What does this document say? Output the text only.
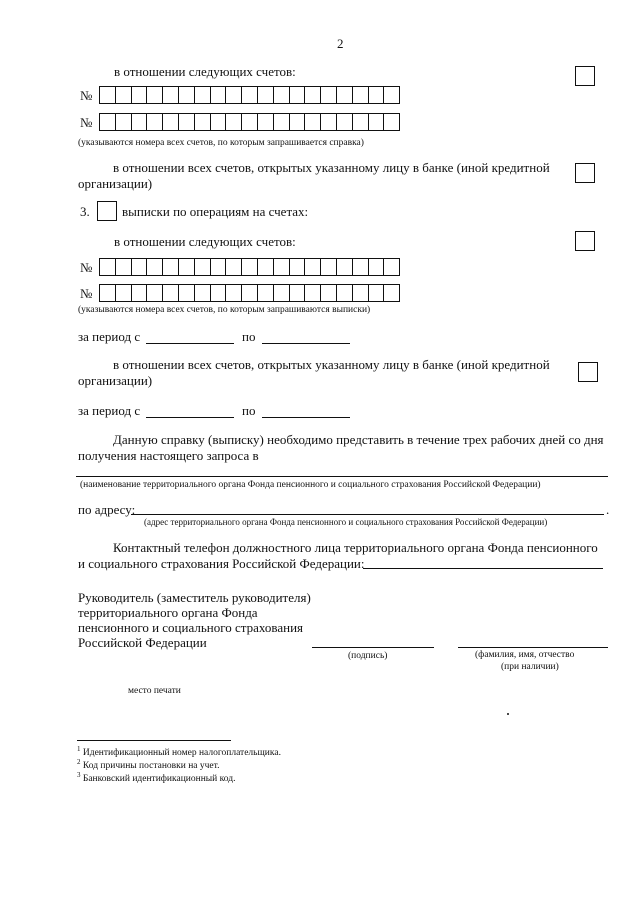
2
в отношении следующих счетов:
№
№
(указываются номера всех счетов, по которым запрашивается справка)
в отношении всех счетов, открытых указанному лицу в банке (иной кредитной
организации)
3. выписки по операциям на счетах:
в отношении следующих счетов:
№
№
(указываются номера всех счетов, по которым запрашиваются выписки)
за период с	по
в отношении всех счетов, открытых указанному лицу в банке (иной кредитной
организации)
за период с	по
Данную справку (выписку) необходимо представить в течение трех рабочих дней со дня
получения настоящего запроса в
(наименование территориального органа Фонда пенсионного и социального страхования Российской Федерации)
по адресу:	.
(адрес территориального органа Фонда пенсионного и социального страхования Российской Федерации)
Контактный телефон должностного лица территориального органа Фонда пенсионного
и социального страхования Российской Федерации:
Руководитель (заместитель руководителя)
территориального органа Фонда
пенсионного и социального страхования
Российской Федерации
(подпись)	(фамилия, имя, отчество
(при наличии)
место печати
$^1$ Идентификационный номер налогоплательщика.
$^2$ Код причины постановки на учет.
$^3$ Банковский идентификационный код.
